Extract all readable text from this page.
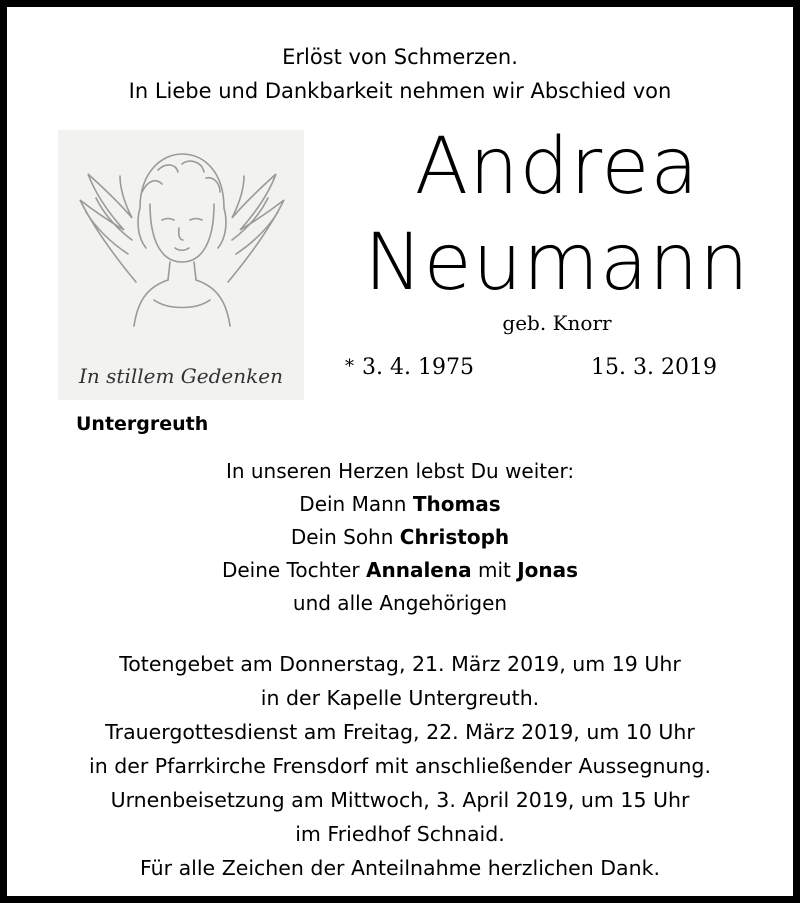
Erlöst von Schmerzen.
In Liebe und Dankbarkeit nehmen wir Abschied von
In stillem Gedenken
Andrea
Neumann
geb. Knorr
* 3. 4. 1975	15. 3. 2019
Untergreuth
In unseren Herzen lebst Du weiter:
Dein Mann Thomas
Dein Sohn Christoph
Deine Tochter Annalena mit Jonas
und alle Angehörigen
Totengebet am Donnerstag, 21. März 2019, um 19 Uhr
in der Kapelle Untergreuth.
Trauergottesdienst am Freitag, 22. März 2019, um 10 Uhr
in der Pfarrkirche Frensdorf mit anschließender Aussegnung.
Urnenbeisetzung am Mittwoch, 3. April 2019, um 15 Uhr
im Friedhof Schnaid.
Für alle Zeichen der Anteilnahme herzlichen Dank.
